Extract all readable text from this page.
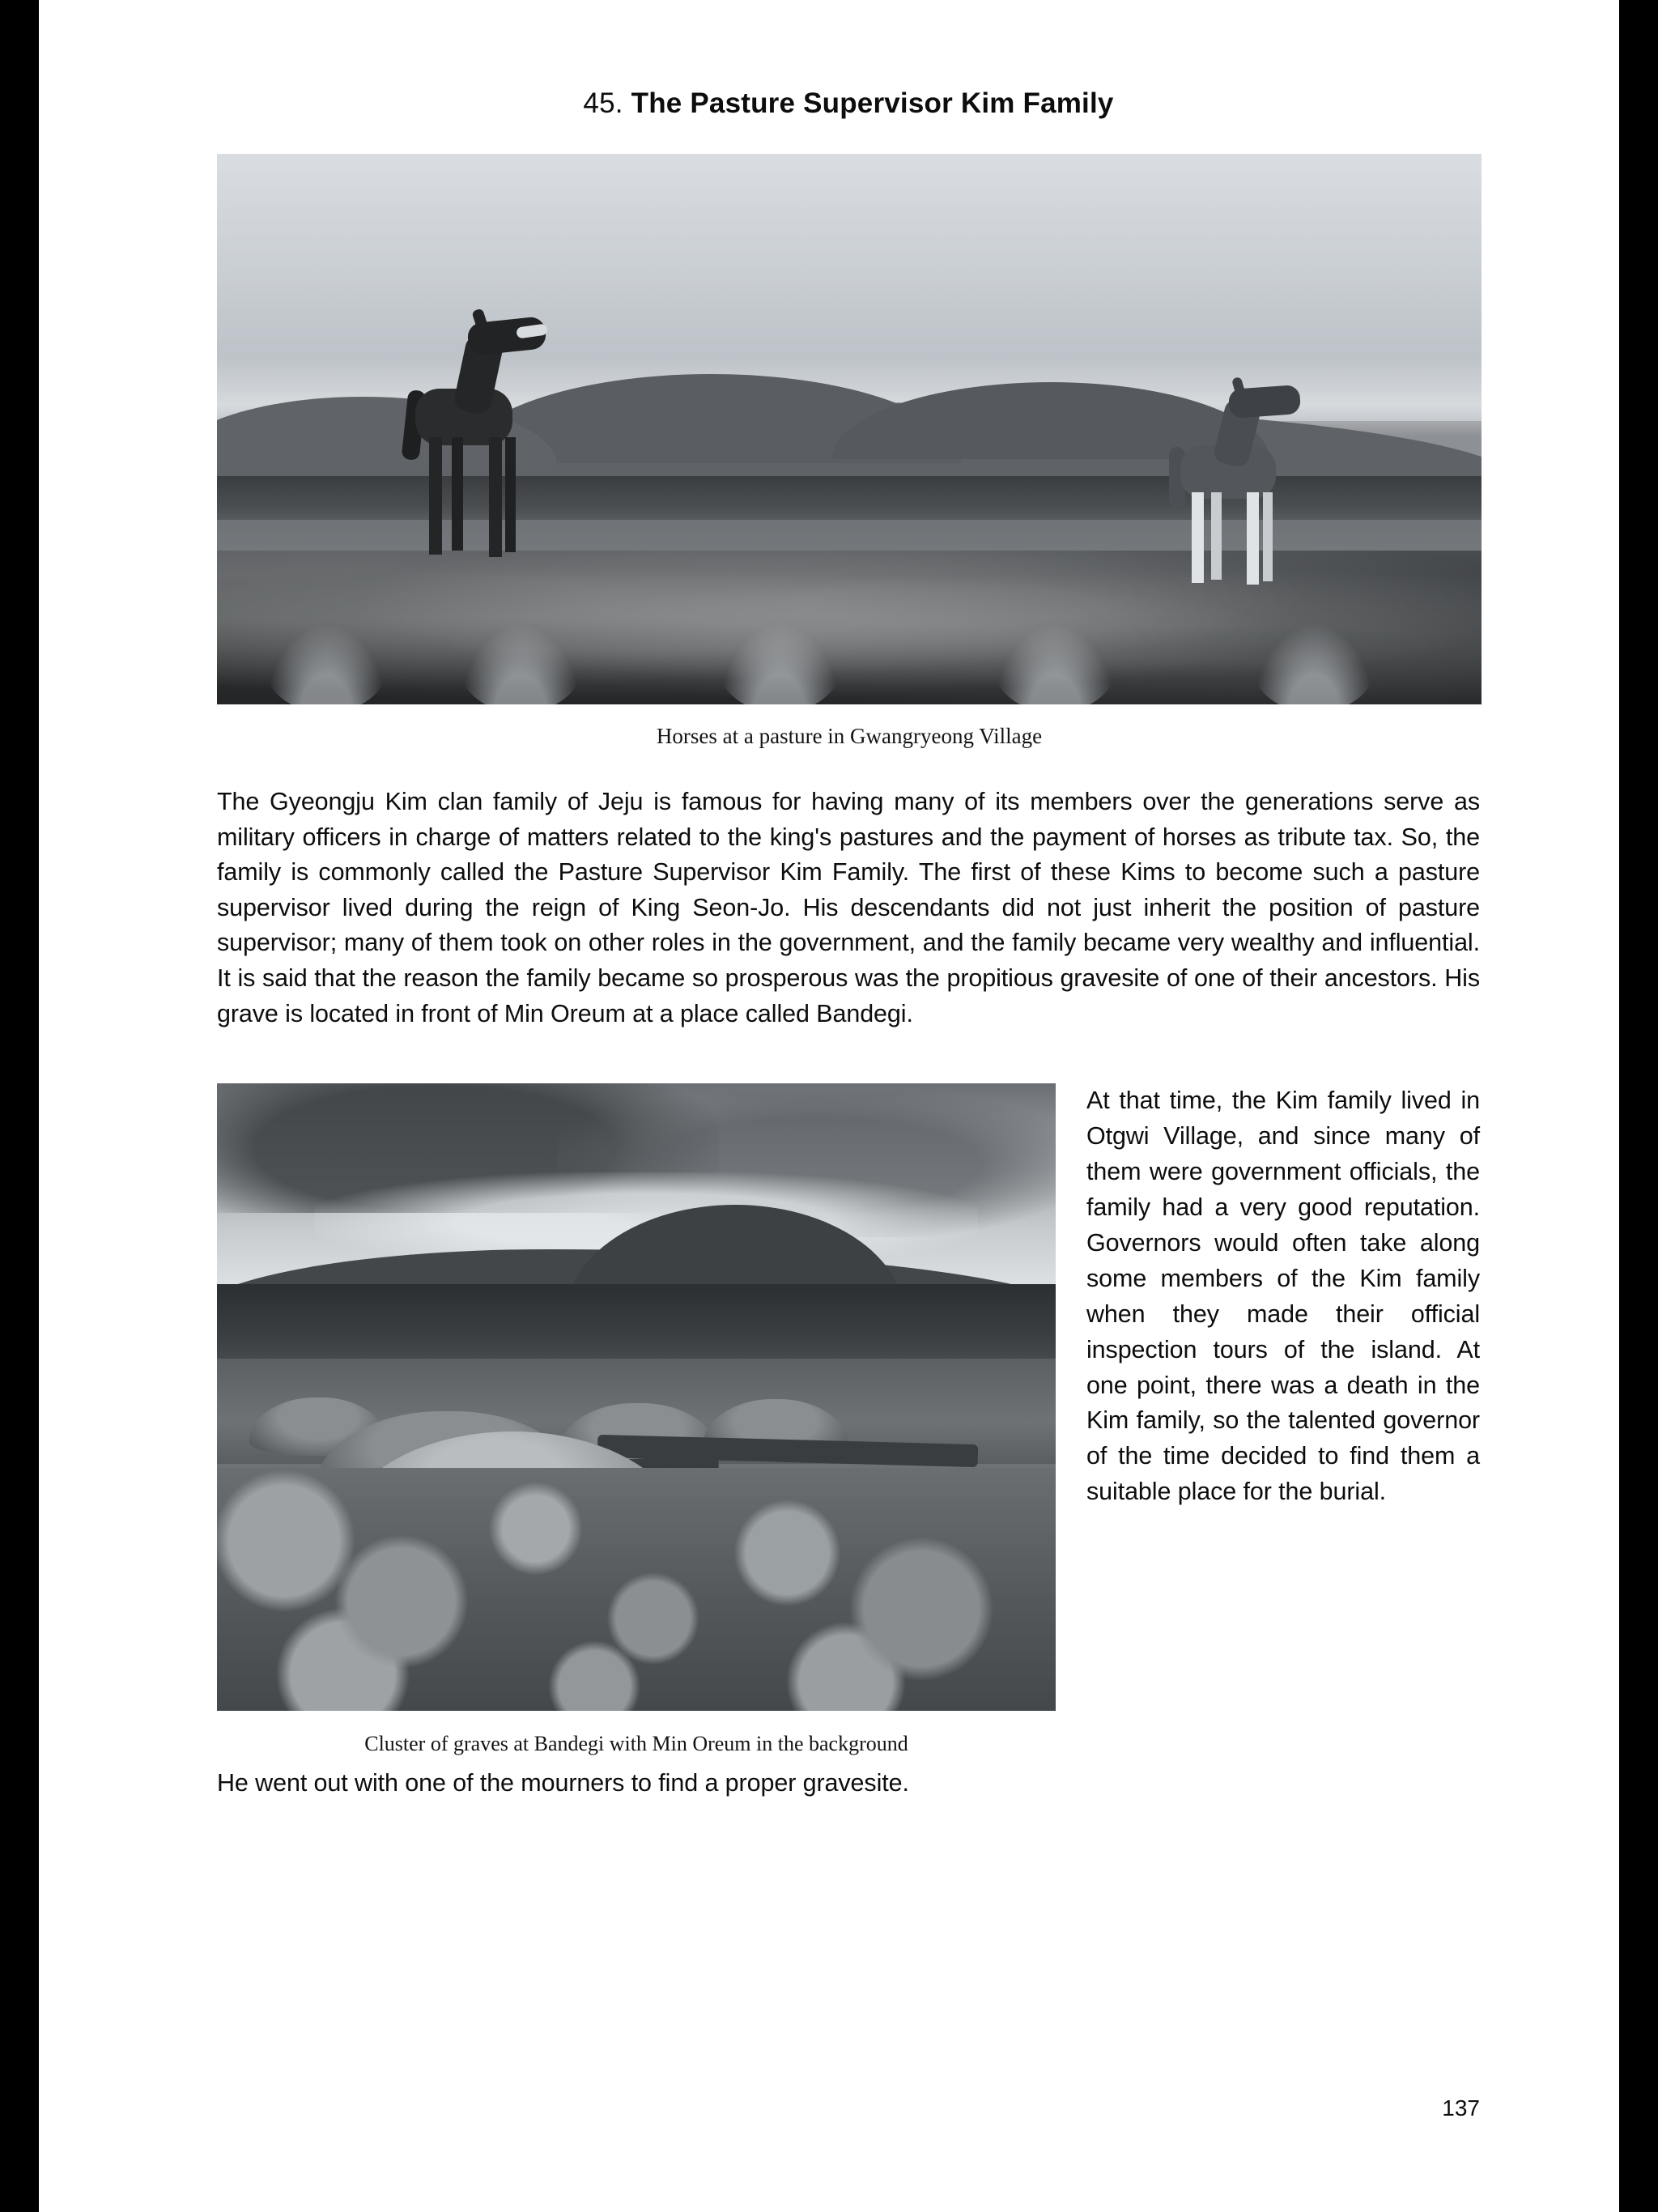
45. The Pasture Supervisor Kim Family
Horses at a pasture in Gwangryeong Village

The Gyeongju Kim clan family of Jeju is famous for having many of its members over the generations serve as military officers in charge of matters related to the king's pastures and the payment of horses as tribute tax. So, the family is commonly called the Pasture Supervisor Kim Family. The first of these Kims to become such a pasture supervisor lived during the reign of King Seon-Jo. His descendants did not just inherit the position of pasture supervisor; many of them took on other roles in the government, and the family became very wealthy and influential. It is said that the reason the family became so prosperous was the propitious gravesite of one of their ancestors. His grave is located in front of Min Oreum at a place called Bandegi.

Cluster of graves at Bandegi with Min Oreum in the background
At that time, the Kim family lived in Otgwi Village, and since many of them were government officials, the family had a very good reputation. Governors would often take along some members of the Kim family when they made their official inspection tours of the island. At one point, there was a death in the Kim family, so the talented governor of the time decided to find them a suitable place for the burial.

He went out with one of the mourners to find a proper gravesite.

137
